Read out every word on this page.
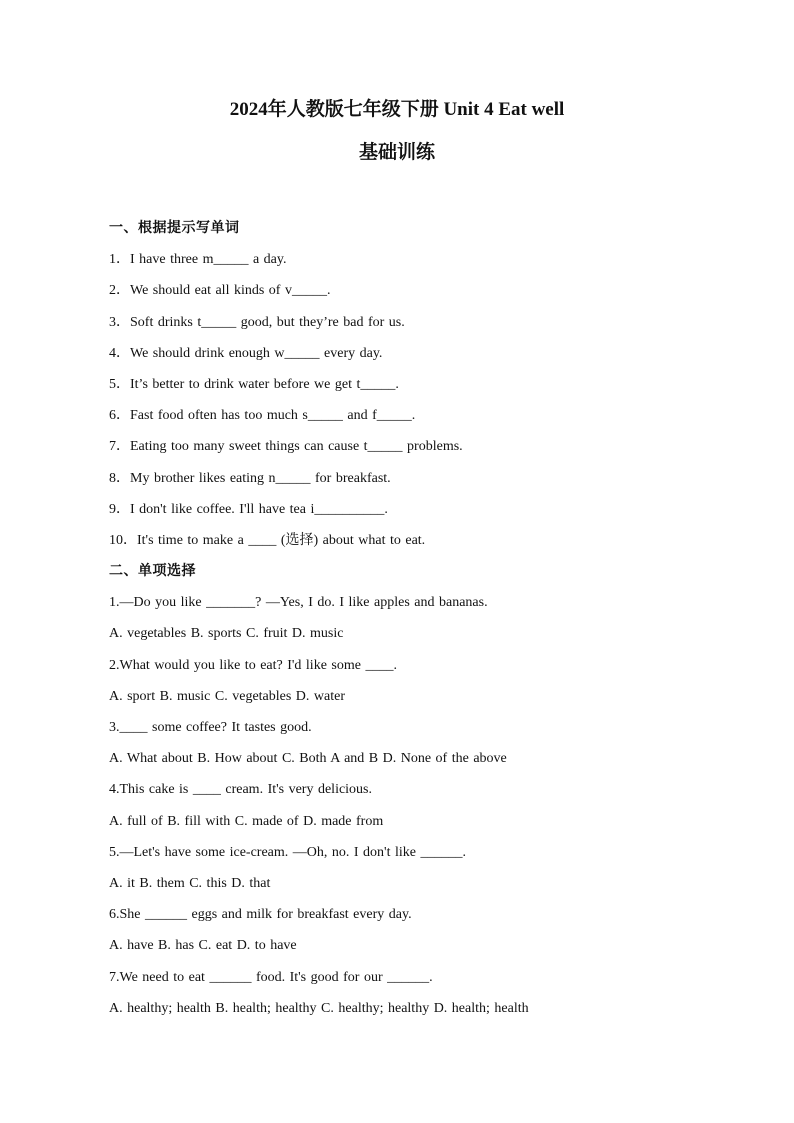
2024年人教版七年级下册 Unit 4 Eat well
基础训练
一、根据提示写单词
1．I have three m_____ a day.
2．We should eat all kinds of v_____.
3．Soft drinks t_____ good, but they’re bad for us.
4．We should drink enough w_____ every day.
5．It’s better to drink water before we get t_____.
6．Fast food often has too much s_____ and f_____.
7．Eating too many sweet things can cause t_____ problems.
8．My brother likes eating n_____ for breakfast.
9．I don't like coffee. I'll have tea i__________.
10．It's time to make a ____ (选择) about what to eat.
二、单项选择
1.—Do you like _______? —Yes, I do. I like apples and bananas.
A. vegetables B. sports C. fruit D. music
2.What would you like to eat? I'd like some ____.
A. sport B. music C. vegetables D. water
3.____ some coffee? It tastes good.
A. What about B. How about C. Both A and B D. None of the above
4.This cake is ____ cream. It's very delicious.
A. full of B. fill with C. made of D. made from
5.—Let's have some ice-cream. —Oh, no. I don't like ______.
A. it B. them C. this D. that
6.She ______ eggs and milk for breakfast every day.
A. have B. has C. eat D. to have
7.We need to eat ______ food. It's good for our ______.
A. healthy; health B. health; healthy C. healthy; healthy D. health; health
